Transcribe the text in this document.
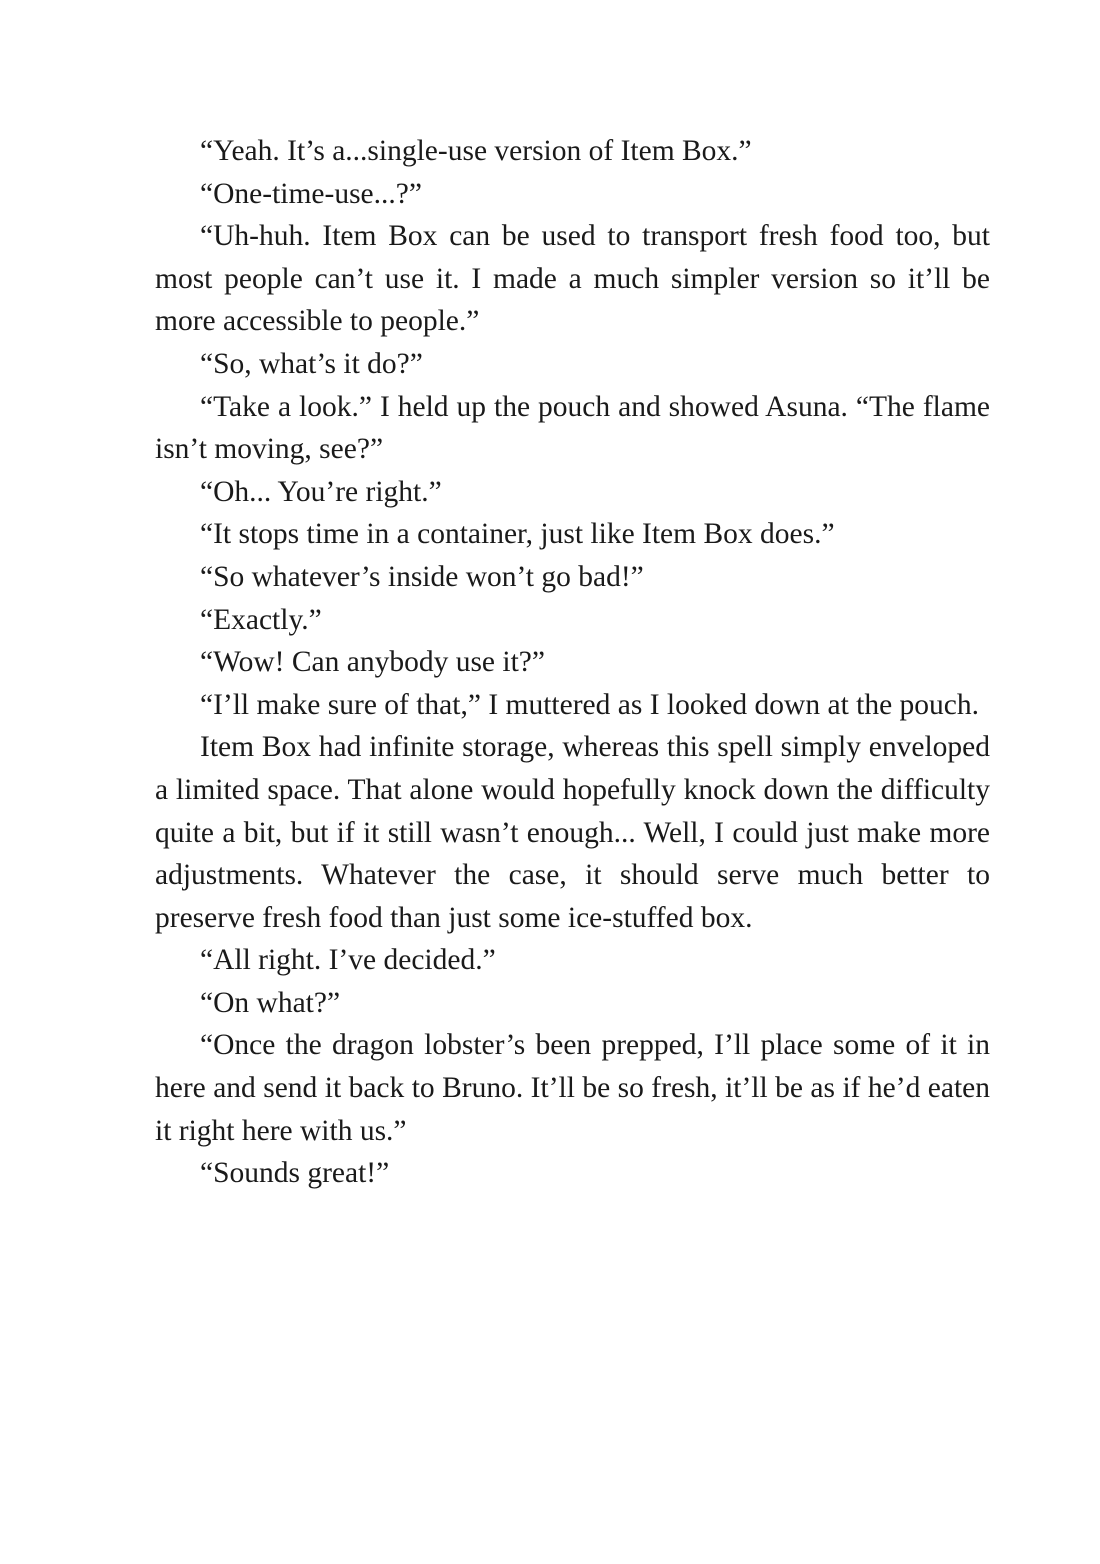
“Yeah. It’s a...single-use version of Item Box.”

“One-time-use...?”

“Uh-huh. Item Box can be used to transport fresh food too, but most people can’t use it. I made a much simpler version so it’ll be more accessible to people.”

“So, what’s it do?”

“Take a look.” I held up the pouch and showed Asuna. “The flame isn’t moving, see?”

“Oh... You’re right.”

“It stops time in a container, just like Item Box does.”

“So whatever’s inside won’t go bad!”

“Exactly.”

“Wow! Can anybody use it?”

“I’ll make sure of that,” I muttered as I looked down at the pouch.

Item Box had infinite storage, whereas this spell simply enveloped a limited space. That alone would hopefully knock down the difficulty quite a bit, but if it still wasn’t enough... Well, I could just make more adjustments. Whatever the case, it should serve much better to preserve fresh food than just some ice-stuffed box.

“All right. I’ve decided.”

“On what?”

“Once the dragon lobster’s been prepped, I’ll place some of it in here and send it back to Bruno. It’ll be so fresh, it’ll be as if he’d eaten it right here with us.”

“Sounds great!”
